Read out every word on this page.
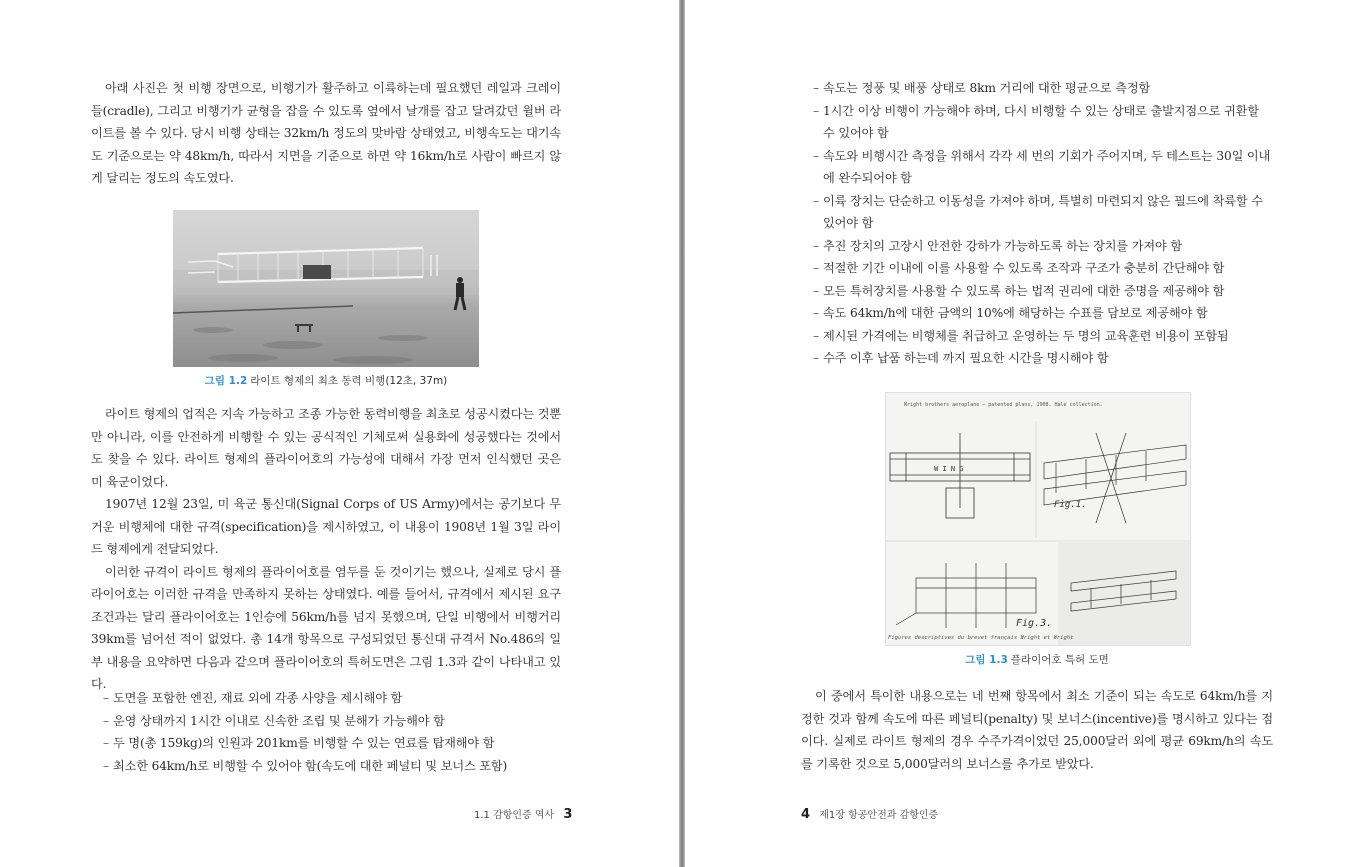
아래 사진은 첫 비행 장면으로, 비행기가 활주하고 이륙하는데 필요했던 레일과 크레이들(cradle), 그리고 비행기가 균형을 잡을 수 있도록 옆에서 날개를 잡고 달려갔던 윌버 라이트를 볼 수 있다. 당시 비행 상태는 32km/h 정도의 맞바람 상태였고, 비행속도는 대기속도 기준으로는 약 48km/h, 따라서 지면을 기준으로 하면 약 16km/h로 사람이 빠르지 않게 달리는 정도의 속도였다.

그림 1.2 라이트 형제의 최초 동력 비행(12초, 37m)

라이트 형제의 업적은 지속 가능하고 조종 가능한 동력비행을 최초로 성공시켰다는 것뿐만 아니라, 이를 안전하게 비행할 수 있는 공식적인 기체로써 실용화에 성공했다는 것에서도 찾을 수 있다. 라이트 형제의 플라이어호의 가능성에 대해서 가장 먼저 인식했던 곳은 미 육군이었다.

1907년 12월 23일, 미 육군 통신대(Signal Corps of US Army)에서는 공기보다 무거운 비행체에 대한 규격(specification)을 제시하였고, 이 내용이 1908년 1월 3일 라이드 형제에게 전달되었다.

이러한 규격이 라이트 형제의 플라이어호를 염두를 둔 것이기는 했으나, 실제로 당시 플라이어호는 이러한 규격을 만족하지 못하는 상태였다. 예를 들어서, 규격에서 제시된 요구조건과는 달리 플라이어호는 1인승에 56km/h를 넘지 못했으며, 단일 비행에서 비행거리 39km를 넘어선 적이 없었다. 총 14개 항목으로 구성되었던 통신대 규격서 No.486의 일부 내용을 요약하면 다음과 같으며 플라이어호의 특허도면은 그림 1.3과 같이 나타내고 있다.

– 도면을 포함한 엔진, 재료 외에 각종 사양을 제시해야 함
– 운영 상태까지 1시간 이내로 신속한 조립 및 분해가 가능해야 함
– 두 명(총 159kg)의 인원과 201km를 비행할 수 있는 연료를 탑재해야 함
– 최소한 64km/h로 비행할 수 있어야 함(속도에 대한 페널티 및 보너스 포함)
1.1 감항인증 역사 3
– 속도는 정풍 및 배풍 상태로 8km 거리에 대한 평균으로 측정함
– 1시간 이상 비행이 가능해야 하며, 다시 비행할 수 있는 상태로 출발지점으로 귀환할 수 있어야 함
– 속도와 비행시간 측정을 위해서 각각 세 번의 기회가 주어지며, 두 테스트는 30일 이내에 완수되어야 함
– 이륙 장치는 단순하고 이동성을 가져야 하며, 특별히 마련되지 않은 필드에 착륙할 수 있어야 함
– 추진 장치의 고장시 안전한 강하가 가능하도록 하는 장치를 가져야 함
– 적절한 기간 이내에 이를 사용할 수 있도록 조작과 구조가 충분히 간단해야 함
– 모든 특허장치를 사용할 수 있도록 하는 법적 권리에 대한 증명을 제공해야 함
– 속도 64km/h에 대한 금액의 10%에 해당하는 수표를 담보로 제공해야 함
– 제시된 가격에는 비행체를 취급하고 운영하는 두 명의 교육훈련 비용이 포함됨
– 수주 이후 납품 하는데 까지 필요한 시간을 명시해야 함
그림 1.3 플라이어호 특허 도면

이 중에서 특이한 내용으로는 네 번째 항목에서 최소 기준이 되는 속도로 64km/h를 지정한 것과 함께 속도에 따른 페널티(penalty) 및 보너스(incentive)를 명시하고 있다는 점이다. 실제로 라이트 형제의 경우 수주가격이었던 25,000달러 외에 평균 69km/h의 속도를 기록한 것으로 5,000달러의 보너스를 추가로 받았다.

4 제1장 항공안전과 감항인증
Wright brothers aeroplane — patented plans, 1908. Hale collection.
W I N G
Fig.1.
Fig.3.
Figures descriptives du brevet français Wright et Wright
